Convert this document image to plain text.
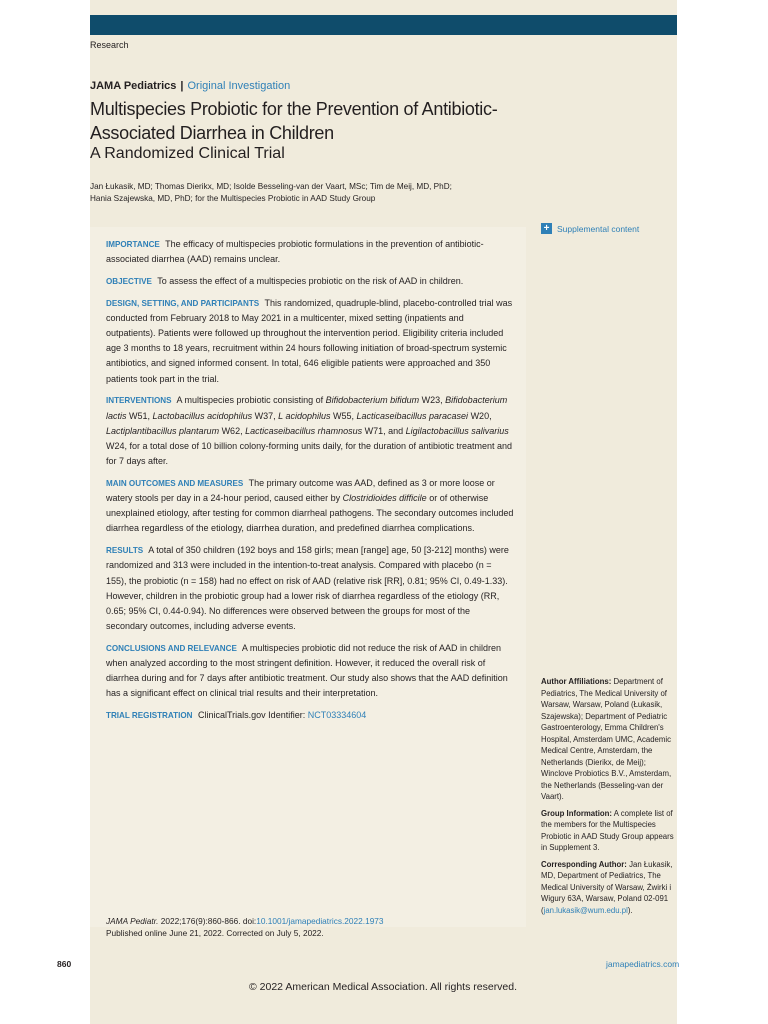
Research
JAMA Pediatrics | Original Investigation
Multispecies Probiotic for the Prevention of Antibiotic-Associated Diarrhea in Children
A Randomized Clinical Trial
Jan Łukasik, MD; Thomas Dierikx, MD; Isolde Besseling-van der Vaart, MSc; Tim de Meij, MD, PhD;
Hania Szajewska, MD, PhD; for the Multispecies Probiotic in AAD Study Group
+ Supplemental content

IMPORTANCE The efficacy of multispecies probiotic formulations in the prevention of antibiotic-associated diarrhea (AAD) remains unclear.

OBJECTIVE To assess the effect of a multispecies probiotic on the risk of AAD in children.

DESIGN, SETTING, AND PARTICIPANTS This randomized, quadruple-blind, placebo-controlled trial was conducted from February 2018 to May 2021 in a multicenter, mixed setting (inpatients and outpatients). Patients were followed up throughout the intervention period. Eligibility criteria included age 3 months to 18 years, recruitment within 24 hours following initiation of broad-spectrum systemic antibiotics, and signed informed consent. In total, 646 eligible patients were approached and 350 patients took part in the trial.

INTERVENTIONS A multispecies probiotic consisting of Bifidobacterium bifidum W23, Bifidobacterium lactis W51, Lactobacillus acidophilus W37, L acidophilus W55, Lacticaseibacillus paracasei W20, Lactiplantibacillus plantarum W62, Lacticaseibacillus rhamnosus W71, and Ligilactobacillus salivarius W24, for a total dose of 10 billion colony-forming units daily, for the duration of antibiotic treatment and for 7 days after.

MAIN OUTCOMES AND MEASURES The primary outcome was AAD, defined as 3 or more loose or watery stools per day in a 24-hour period, caused either by Clostridioides difficile or of otherwise unexplained etiology, after testing for common diarrheal pathogens. The secondary outcomes included diarrhea regardless of the etiology, diarrhea duration, and predefined diarrhea complications.

RESULTS A total of 350 children (192 boys and 158 girls; mean [range] age, 50 [3-212] months) were randomized and 313 were included in the intention-to-treat analysis. Compared with placebo (n = 155), the probiotic (n = 158) had no effect on risk of AAD (relative risk [RR], 0.81; 95% CI, 0.49-1.33). However, children in the probiotic group had a lower risk of diarrhea regardless of the etiology (RR, 0.65; 95% CI, 0.44-0.94). No differences were observed between the groups for most of the secondary outcomes, including adverse events.

CONCLUSIONS AND RELEVANCE A multispecies probiotic did not reduce the risk of AAD in children when analyzed according to the most stringent definition. However, it reduced the overall risk of diarrhea during and for 7 days after antibiotic treatment. Our study also shows that the AAD definition has a significant effect on clinical trial results and their interpretation.

TRIAL REGISTRATION ClinicalTrials.gov Identifier: NCT03334604

Author Affiliations: Department of Pediatrics, The Medical University of Warsaw, Warsaw, Poland (Łukasik, Szajewska); Department of Pediatric Gastroenterology, Emma Children's Hospital, Amsterdam UMC, Academic Medical Centre, Amsterdam, the Netherlands (Dierikx, de Meij); Winclove Probiotics B.V., Amsterdam, the Netherlands (Besseling-van der Vaart).

Group Information: A complete list of the members for the Multispecies Probiotic in AAD Study Group appears in Supplement 3.

Corresponding Author: Jan Łukasik, MD, Department of Pediatrics, The Medical University of Warsaw, Żwirki i Wigury 63A, Warsaw, Poland 02-091 (jan.lukasik@wum.edu.pl).

JAMA Pediatr. 2022;176(9):860-866. doi:10.1001/jamapediatrics.2022.1973
Published online June 21, 2022. Corrected on July 5, 2022.
860	jamapediatrics.com
© 2022 American Medical Association. All rights reserved.
